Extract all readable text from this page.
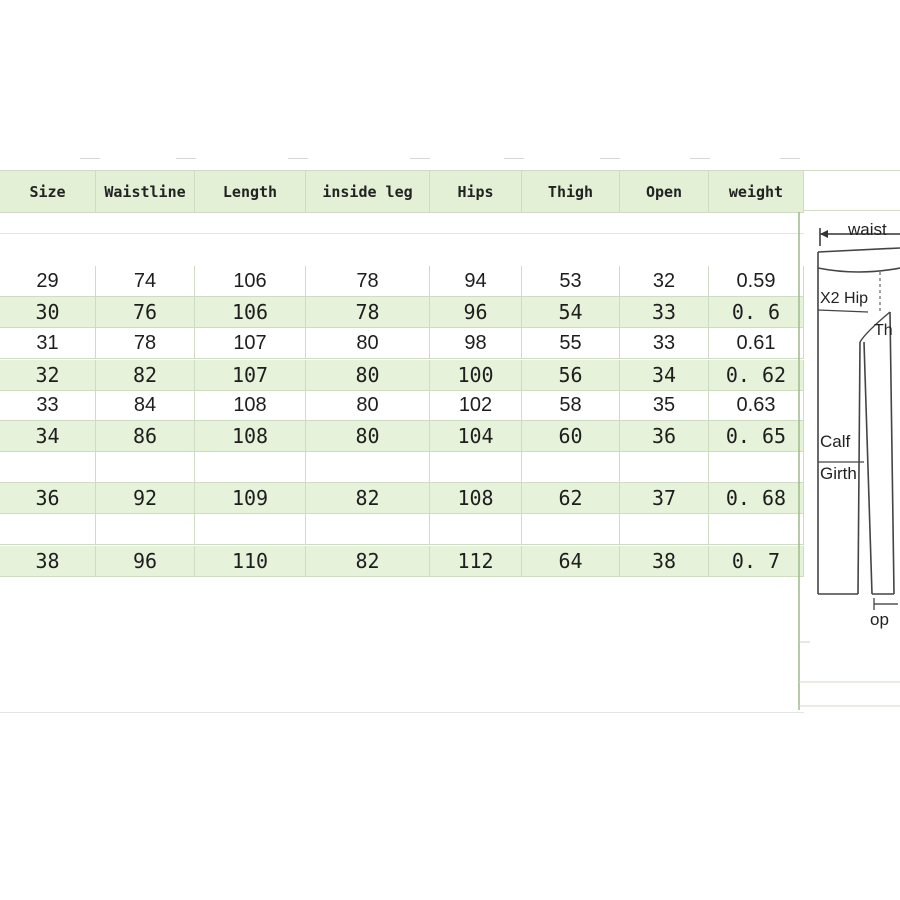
Size	Waistline	Length	inside leg	Hips	Thigh	Open	weight
29	74	106	78	94	53	32	0.59
30	76	106	78	96	54	33	0. 6
31	78	107	80	98	55	33	0.61
32	82	107	80	100	56	34	0. 62
33	84	108	80	102	58	35	0.63
34	86	108	80	104	60	36	0. 65
36	92	109	82	108	62	37	0. 68
38	96	110	82	112	64	38	0. 7
waist
X2 Hip
Th
Calf
Girth
op
